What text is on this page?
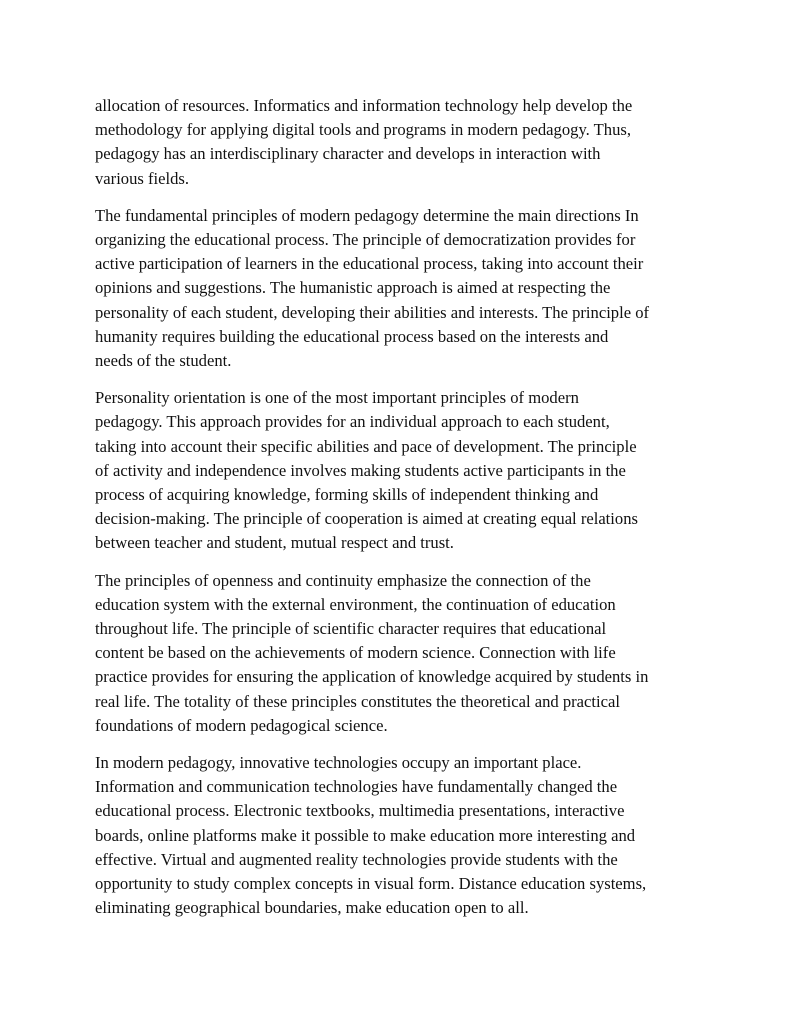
allocation of resources. Informatics and information technology help develop the
methodology for applying digital tools and programs in modern pedagogy. Thus,
pedagogy has an interdisciplinary character and develops in interaction with
various fields.

The fundamental principles of modern pedagogy determine the main directions In
organizing the educational process. The principle of democratization provides for
active participation of learners in the educational process, taking into account their
opinions and suggestions. The humanistic approach is aimed at respecting the
personality of each student, developing their abilities and interests. The principle of
humanity requires building the educational process based on the interests and
needs of the student.

Personality orientation is one of the most important principles of modern
pedagogy. This approach provides for an individual approach to each student,
taking into account their specific abilities and pace of development. The principle
of activity and independence involves making students active participants in the
process of acquiring knowledge, forming skills of independent thinking and
decision-making. The principle of cooperation is aimed at creating equal relations
between teacher and student, mutual respect and trust.

The principles of openness and continuity emphasize the connection of the
education system with the external environment, the continuation of education
throughout life. The principle of scientific character requires that educational
content be based on the achievements of modern science. Connection with life
practice provides for ensuring the application of knowledge acquired by students in
real life. The totality of these principles constitutes the theoretical and practical
foundations of modern pedagogical science.

In modern pedagogy, innovative technologies occupy an important place.
Information and communication technologies have fundamentally changed the
educational process. Electronic textbooks, multimedia presentations, interactive
boards, online platforms make it possible to make education more interesting and
effective. Virtual and augmented reality technologies provide students with the
opportunity to study complex concepts in visual form. Distance education systems,
eliminating geographical boundaries, make education open to all.
